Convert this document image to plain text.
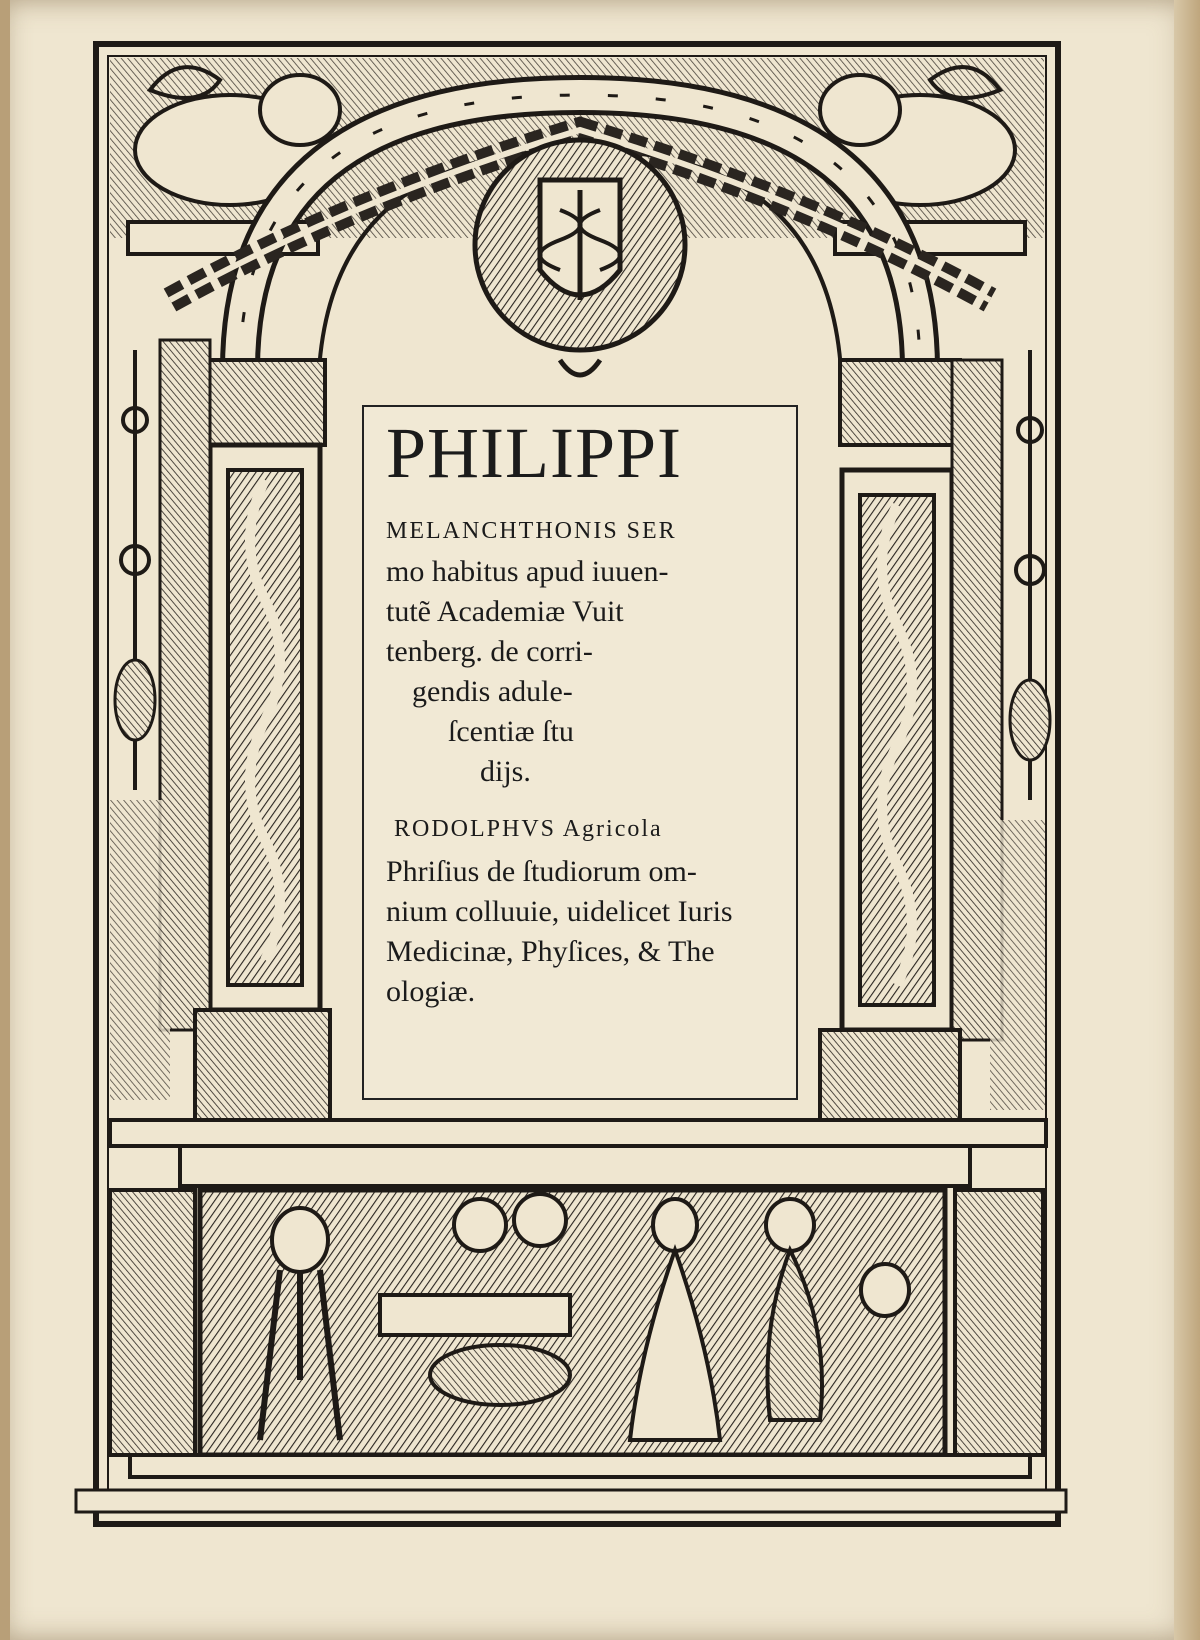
PHILIPPI
MELANCHTHONIS SER
mo habitus apud iuuen-
tutẽ Academiæ Vuit
tenberg. de corri-
gendis adule-
ſcentiæ ſtu
dijs.
RODOLPHVS Agricola
Phriſius de ſtudiorum om-
nium colluuie, uidelicet Iuris
Medicinæ, Phyſices, & The
ologiæ.
